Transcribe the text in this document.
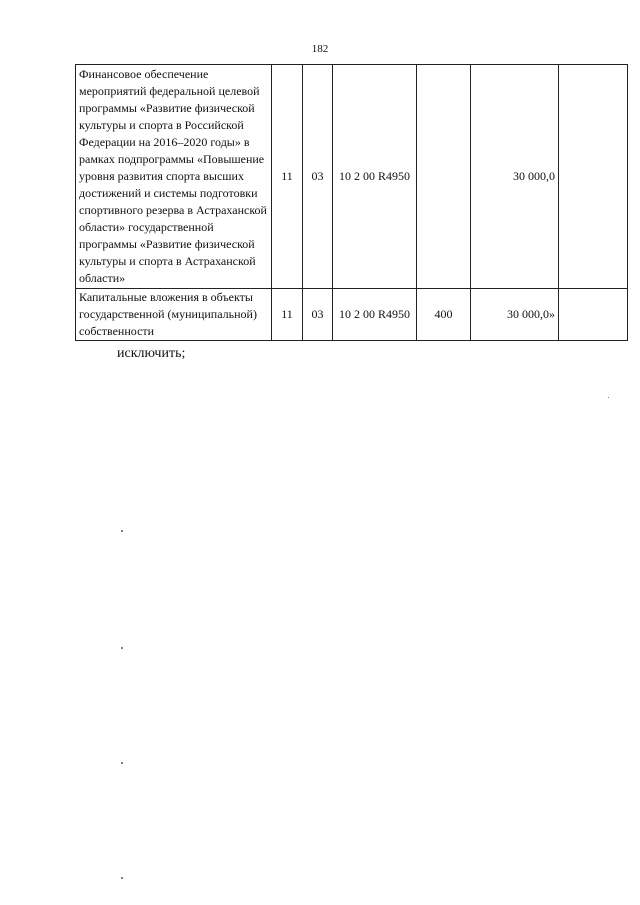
182
Финансовое обеспечение мероприятий федеральной целевой программы «Развитие физической культуры и спорта в Российской Федерации на 2016–2020 годы» в рамках подпрограммы «Повышение уровня развития спорта высших достижений и системы подготовки спортивного резерва в Астраханской области» государственной программы «Развитие физической культуры и спорта в Астраханской области»	11	03	10 2 00 R4950		30 000,0	
Капитальные вложения в объекты государственной (муниципальной) собственности	11	03	10 2 00 R4950	400	30 000,0»	
исключить;
